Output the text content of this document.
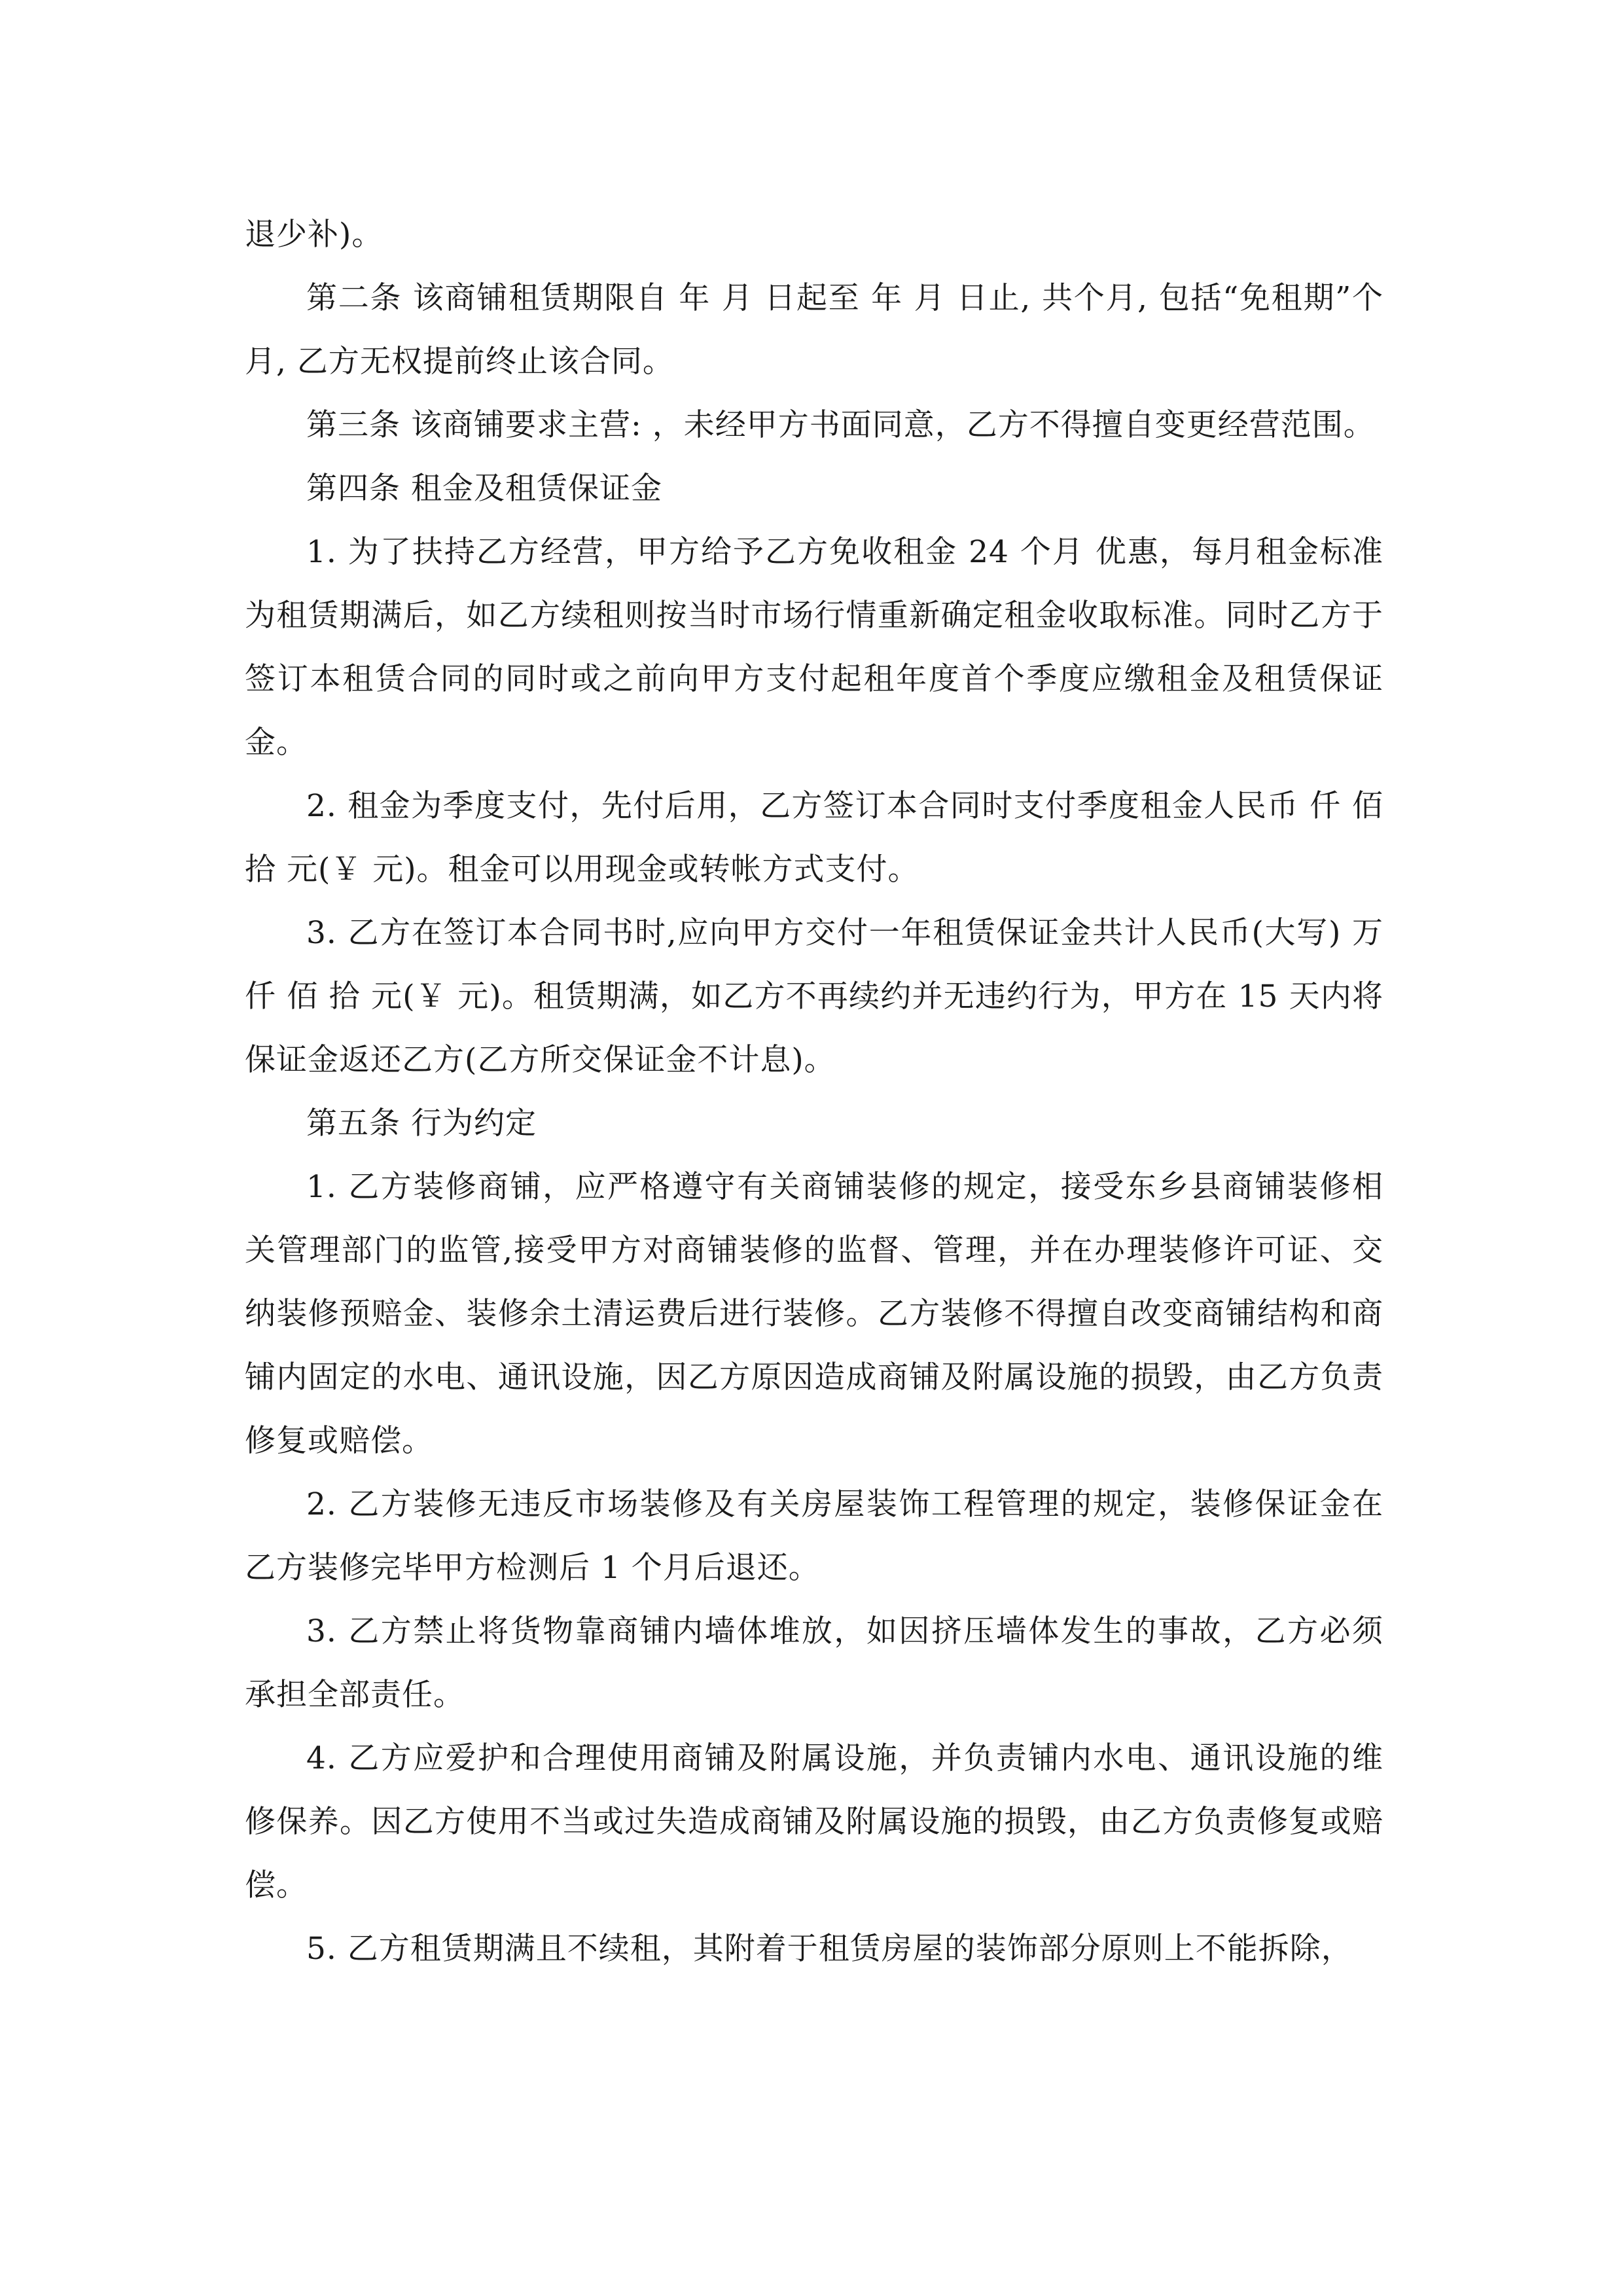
退少补)。

第二条 该商铺租赁期限自 年 月 日起至 年 月 日止, 共个月, 包括“免租期”个月, 乙方无权提前终止该合同。

第三条 该商铺要求主营: ，未经甲方书面同意，乙方不得擅自变更经营范围。

第四条 租金及租赁保证金

1. 为了扶持乙方经营，甲方给予乙方免收租金 24 个月 优惠，每月租金标准为租赁期满后，如乙方续租则按当时市场行情重新确定租金收取标准。同时乙方于签订本租赁合同的同时或之前向甲方支付起租年度首个季度应缴租金及租赁保证金。

2. 租金为季度支付，先付后用，乙方签订本合同时支付季度租金人民币 仟 佰 拾 元(￥ 元)。租金可以用现金或转帐方式支付。

3. 乙方在签订本合同书时,应向甲方交付一年租赁保证金共计人民币(大写) 万 仟 佰 拾 元(￥ 元)。租赁期满，如乙方不再续约并无违约行为，甲方在 15 天内将保证金返还乙方(乙方所交保证金不计息)。

第五条 行为约定

1. 乙方装修商铺，应严格遵守有关商铺装修的规定，接受东乡县商铺装修相关管理部门的监管,接受甲方对商铺装修的监督、管理，并在办理装修许可证、交纳装修预赔金、装修余土清运费后进行装修。乙方装修不得擅自改变商铺结构和商铺内固定的水电、通讯设施，因乙方原因造成商铺及附属设施的损毁，由乙方负责修复或赔偿。

2. 乙方装修无违反市场装修及有关房屋装饰工程管理的规定，装修保证金在乙方装修完毕甲方检测后 1 个月后退还。

3. 乙方禁止将货物靠商铺内墙体堆放，如因挤压墙体发生的事故，乙方必须承担全部责任。

4. 乙方应爱护和合理使用商铺及附属设施，并负责铺内水电、通讯设施的维修保养。因乙方使用不当或过失造成商铺及附属设施的损毁，由乙方负责修复或赔偿。

5. 乙方租赁期满且不续租，其附着于租赁房屋的装饰部分原则上不能拆除，
